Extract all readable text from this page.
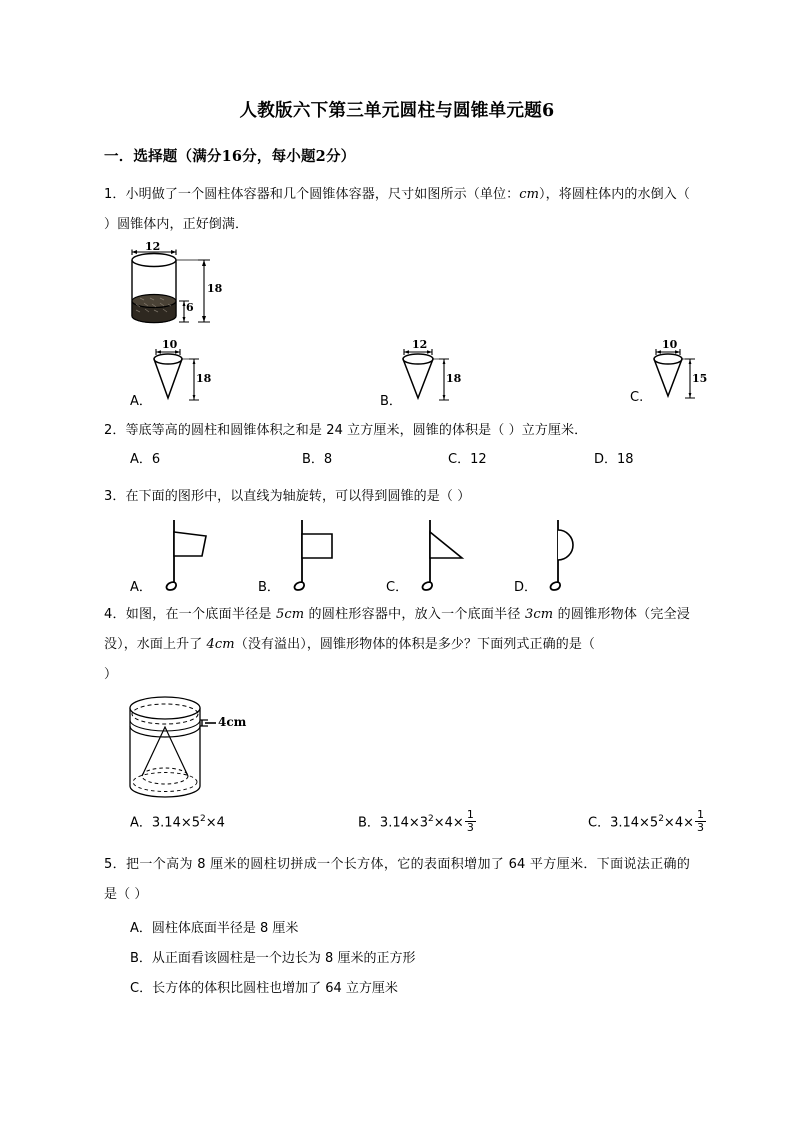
人教版六下第三单元圆柱与圆锥单元题6
一．选择题（满分16分，每小题2分）
1．小明做了一个圆柱体容器和几个圆锥体容器，尺寸如图所示（单位：cm），将圆柱体内的水倒入（ ）圆锥体内，正好倒满．
12
18
6
10
18
A．
12
18
B．
10
15
C.
2．等底等高的圆柱和圆锥体积之和是 24 立方厘米，圆锥的体积是（ ）立方厘米．
A．6	B．8	C．12	D．18
3．在下面的图形中，以直线为轴旋转，可以得到圆锥的是（ ）
A．	B．	C．	D．
4．如图，在一个底面半径是 5cm 的圆柱形容器中，放入一个底面半径 3cm 的圆锥形物体（完全浸没），水面上升了 4cm（没有溢出），圆锥形物体的体积是多少？下面列式正确的是（
）
4cm
A．$3.14\times 5^2\times 4$	B．$3.14\times 3^2\times 4\times \frac{1}{3}$	C．$3.14\times 5^2\times 4\times \frac{1}{3}$
5．把一个高为 8 厘米的圆柱切拼成一个长方体，它的表面积增加了 64 平方厘米．下面说法正确的是（ ）
A．圆柱体底面半径是 8 厘米
B．从正面看该圆柱是一个边长为 8 厘米的正方形
C．长方体的体积比圆柱也增加了 64 立方厘米
